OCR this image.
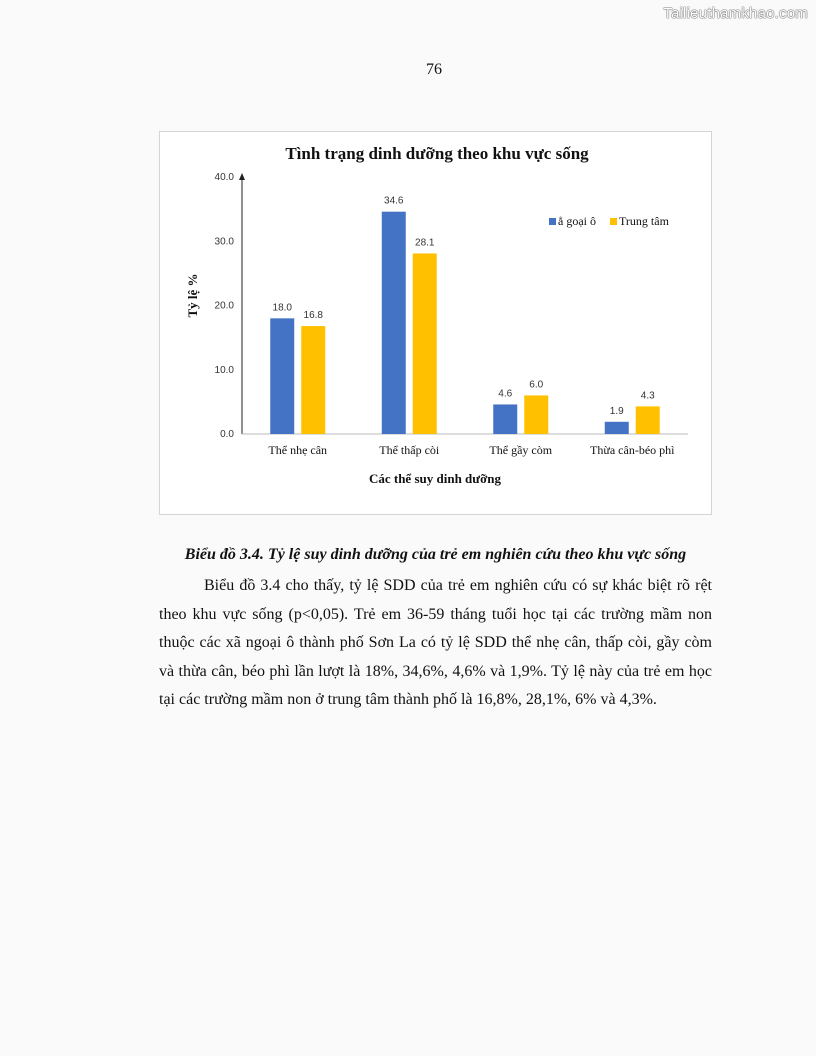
Tailieuthamkhao.com
76
Tình trạng dinh dưỡng theo khu vực sống
0.0
10.0
20.0
30.0
40.0
Tỷ lệ %	18.0
16.8
Thể nhẹ cân
34.6
28.1
Thể thấp còi
4.6
6.0
Thể gầy còm
1.9
4.3
Thừa cân-béo phì
Các thể suy dinh dưỡng
ẳ goại ô Trung tâm
Biểu đồ 3.4. Tỷ lệ suy dinh dưỡng của trẻ em nghiên cứu theo khu vực sống

Biểu đồ 3.4 cho thấy, tỷ lệ SDD của trẻ em nghiên cứu có sự khác biệt rõ rệt theo khu vực sống (p<0,05). Trẻ em 36-59 tháng tuổi học tại các trường mầm non thuộc các xã ngoại ô thành phố Sơn La có tỷ lệ SDD thể nhẹ cân, thấp còi, gầy còm và thừa cân, béo phì lần lượt là 18%, 34,6%, 4,6% và 1,9%. Tỷ lệ này của trẻ em học tại các trường mầm non ở trung tâm thành phố là 16,8%, 28,1%, 6% và 4,3%.
